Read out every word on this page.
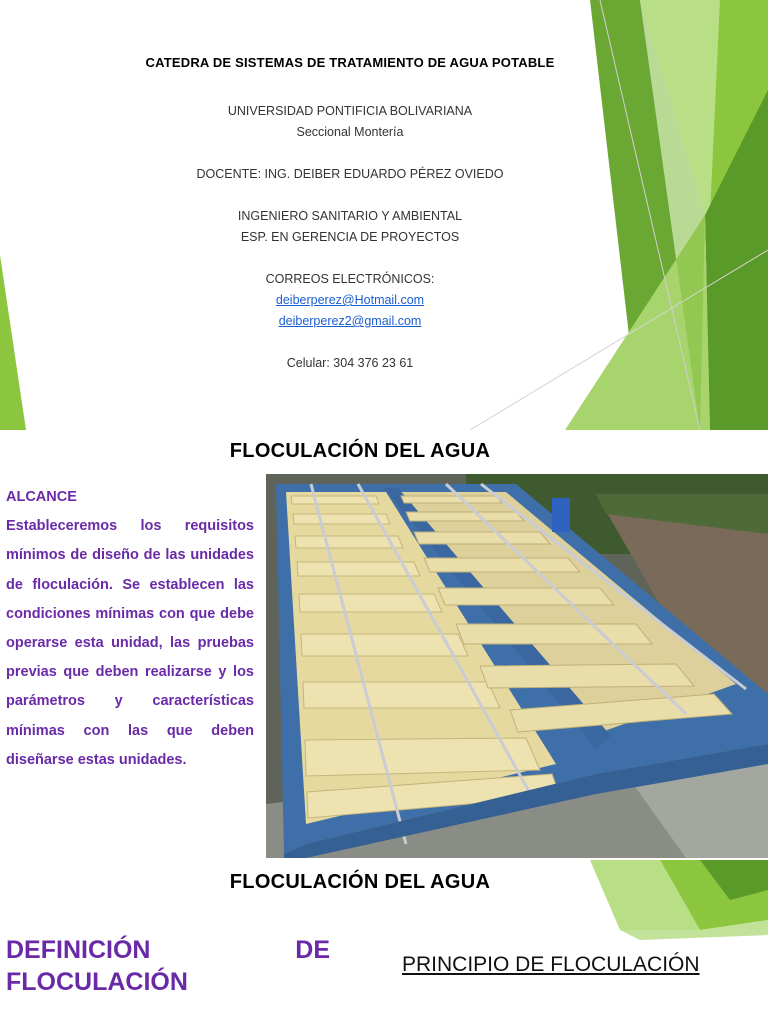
CATEDRA DE SISTEMAS DE TRATAMIENTO DE AGUA POTABLE
UNIVERSIDAD PONTIFICIA BOLIVARIANA
Seccional Montería
DOCENTE: ING. DEIBER EDUARDO PÉREZ OVIEDO
INGENIERO SANITARIO Y AMBIENTAL
ESP. EN GERENCIA DE PROYECTOS
CORREOS ELECTRÓNICOS:
deiberperez@Hotmail.com
deiberperez2@gmail.com
Celular: 304 376 23 61
FLOCULACIÓN DEL AGUA
ALCANCE
Estableceremos los requisitos mínimos de diseño de las unidades de floculación. Se establecen las condiciones mínimas con que debe operarse esta unidad, las pruebas previas que deben realizarse y los parámetros y características mínimas con las que deben diseñarse estas unidades.
FLOCULACIÓN DEL AGUA
DEFINICIÓN DE FLOCULACIÓN
PRINCIPIO DE FLOCULACIÓN
